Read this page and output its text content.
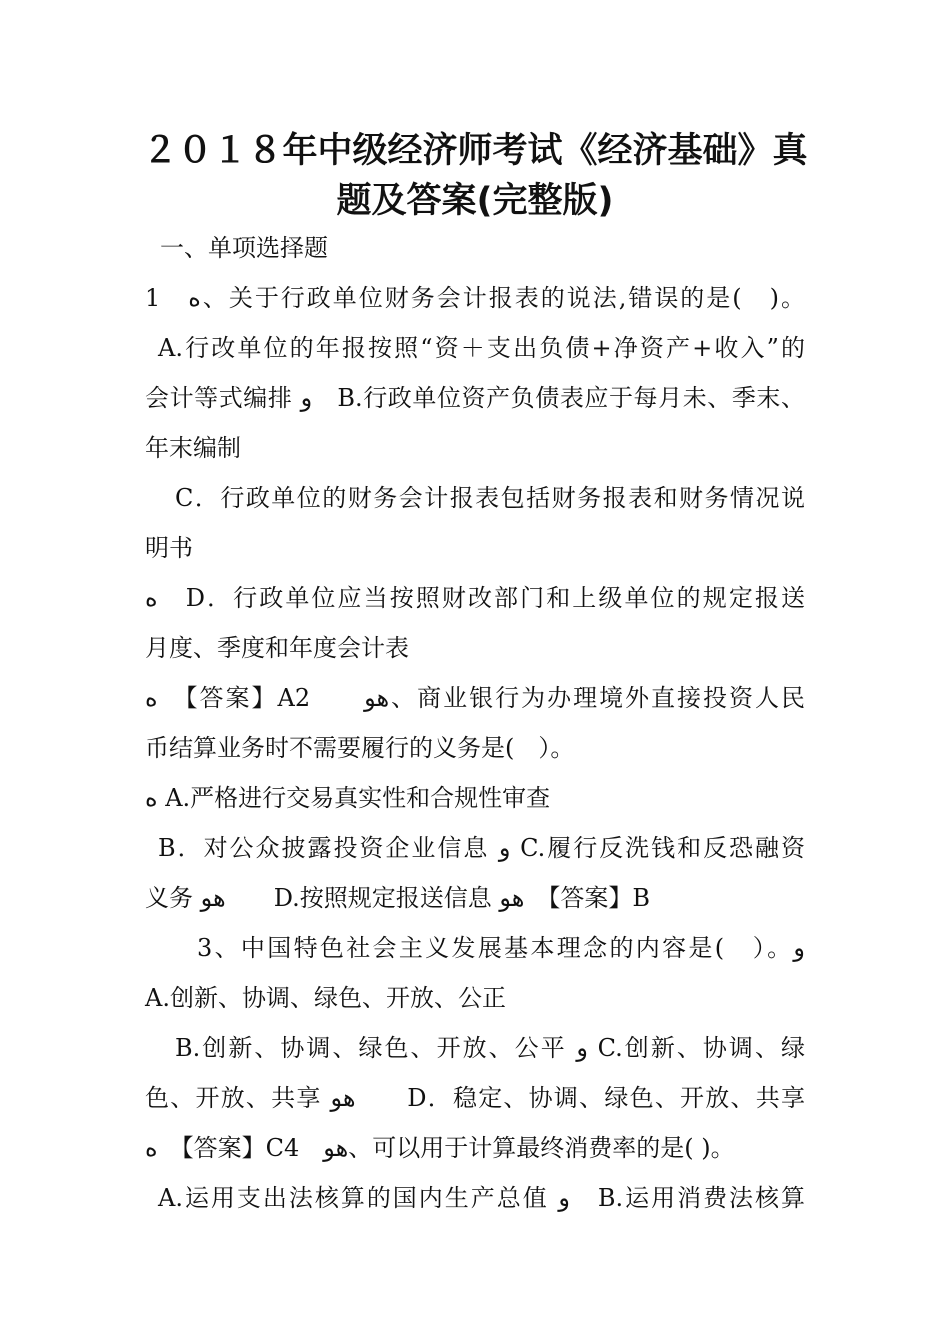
２０１８年中级经济师考试《经济基础》真
题及答案(完整版)
一、单项选择题
1　ه、关于行政单位财务会计报表的说法,错误的是(　)。
A.行改单位的年报按照“资＋支出负债+净资产+收入”的
会计等式编排 و　B.行政单位资产负债表应于每月未、季末、
年末编制
C．行政单位的财务会计报表包括财务报表和财务情况说
明书
ه　D．行政单位应当按照财改部门和上级单位的规定报送
月度、季度和年度会计表
ه　【答案】A2　　هو、商业银行为办理境外直接投资人民
币结算业务时不需要履行的义务是(　）。
ه A.严格进行交易真实性和合规性审查
B．对公众披露投资企业信息 و C.履行反洗钱和反恐融资
义务 هو　　D.按照规定报送信息 هو　【答案】B
3、中国特色社会主义发展基本理念的内容是(　）。و
A.创新、协调、绿色、开放、公正
B.创新、协调、绿色、开放、公平 و C.创新、协调、绿
色、开放、共享 هو　　D．稳定、协调、绿色、开放、共享
ه　【答案】C4　هو、可以用于计算最终消费率的是( )。
A.运用支出法核算的国内生产总值 و　B.运用消费法核算
